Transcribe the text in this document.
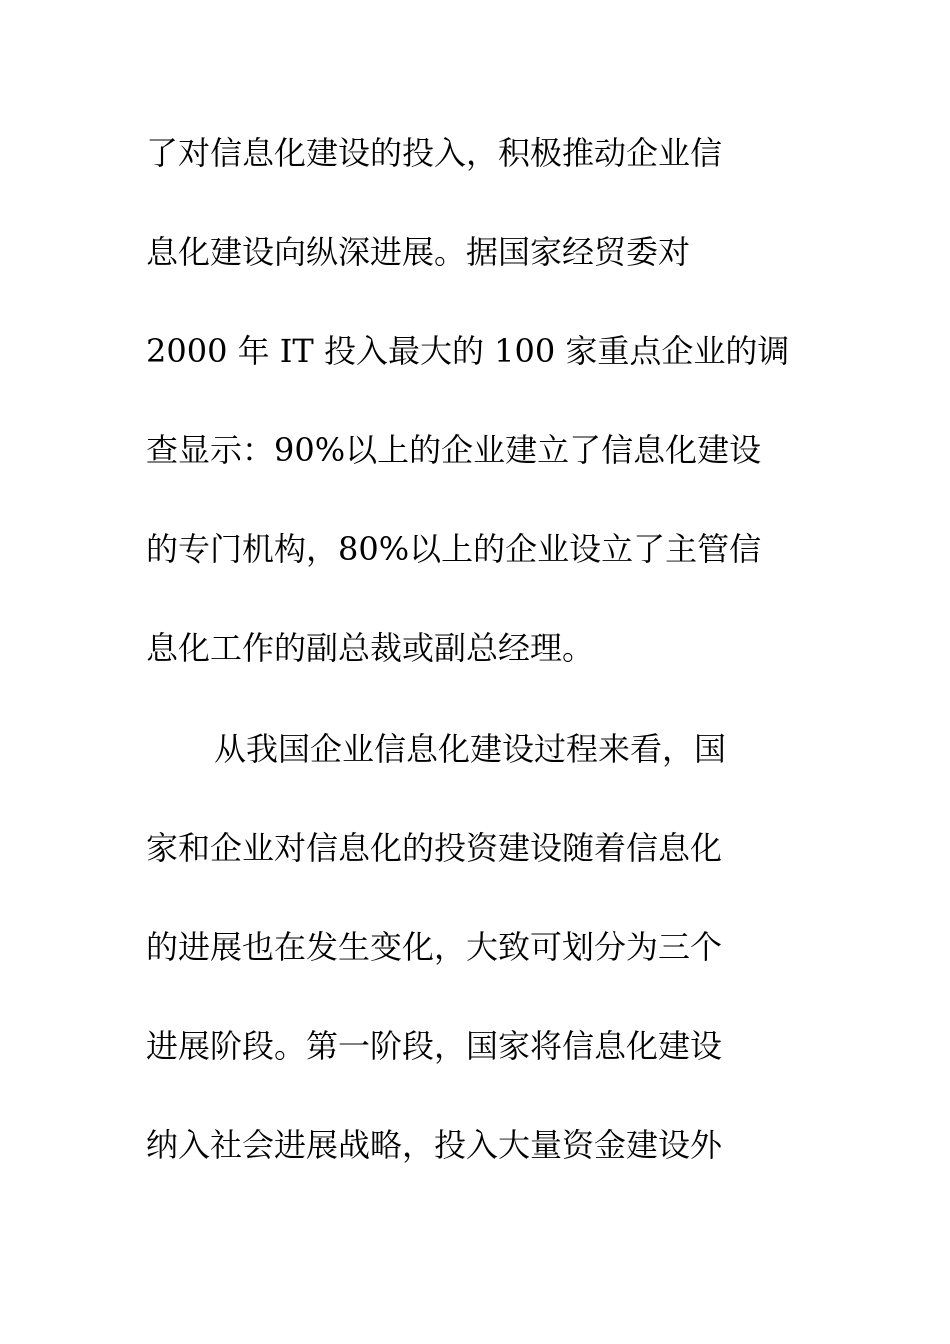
了对信息化建设的投入，积极推动企业信
息化建设向纵深进展。据国家经贸委对
2000 年 IT 投入最大的 100 家重点企业的调
查显示：90%以上的企业建立了信息化建设
的专门机构，80%以上的企业设立了主管信
息化工作的副总裁或副总经理。
从我国企业信息化建设过程来看，国
家和企业对信息化的投资建设随着信息化
的进展也在发生变化，大致可划分为三个
进展阶段。第一阶段，国家将信息化建设
纳入社会进展战略，投入大量资金建设外
